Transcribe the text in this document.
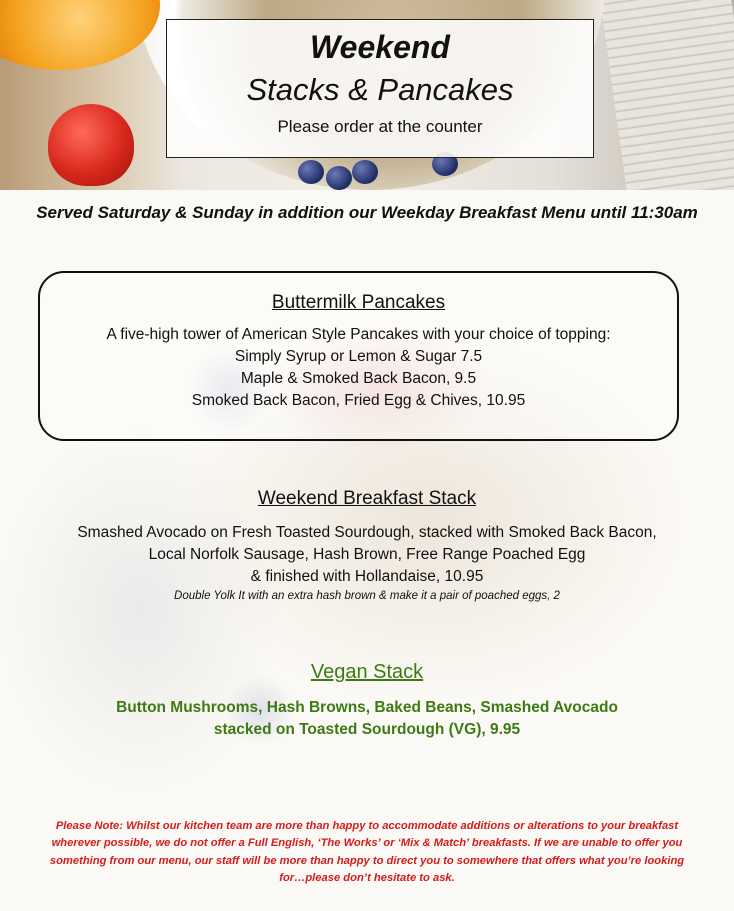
Weekend
Stacks & Pancakes
Please order at the counter
Served Saturday & Sunday in addition our Weekday Breakfast Menu until 11:30am
Buttermilk Pancakes
A five-high tower of American Style Pancakes with your choice of topping:
Simply Syrup or Lemon & Sugar 7.5
Maple & Smoked Back Bacon, 9.5
Smoked Back Bacon, Fried Egg & Chives, 10.95
Weekend Breakfast Stack
Smashed Avocado on Fresh Toasted Sourdough, stacked with Smoked Back Bacon,
Local Norfolk Sausage, Hash Brown, Free Range Poached Egg
& finished with Hollandaise, 10.95
Double Yolk It with an extra hash brown & make it a pair of poached eggs, 2
Vegan Stack
Button Mushrooms, Hash Browns, Baked Beans, Smashed Avocado
stacked on Toasted Sourdough (VG), 9.95
Please Note: Whilst our kitchen team are more than happy to accommodate additions or alterations to your breakfast
wherever possible, we do not offer a Full English, ‘The Works’ or ‘Mix & Match’ breakfasts. If we are unable to offer you
something from our menu, our staff will be more than happy to direct you to somewhere that offers what you’re looking
for…please don’t hesitate to ask.
